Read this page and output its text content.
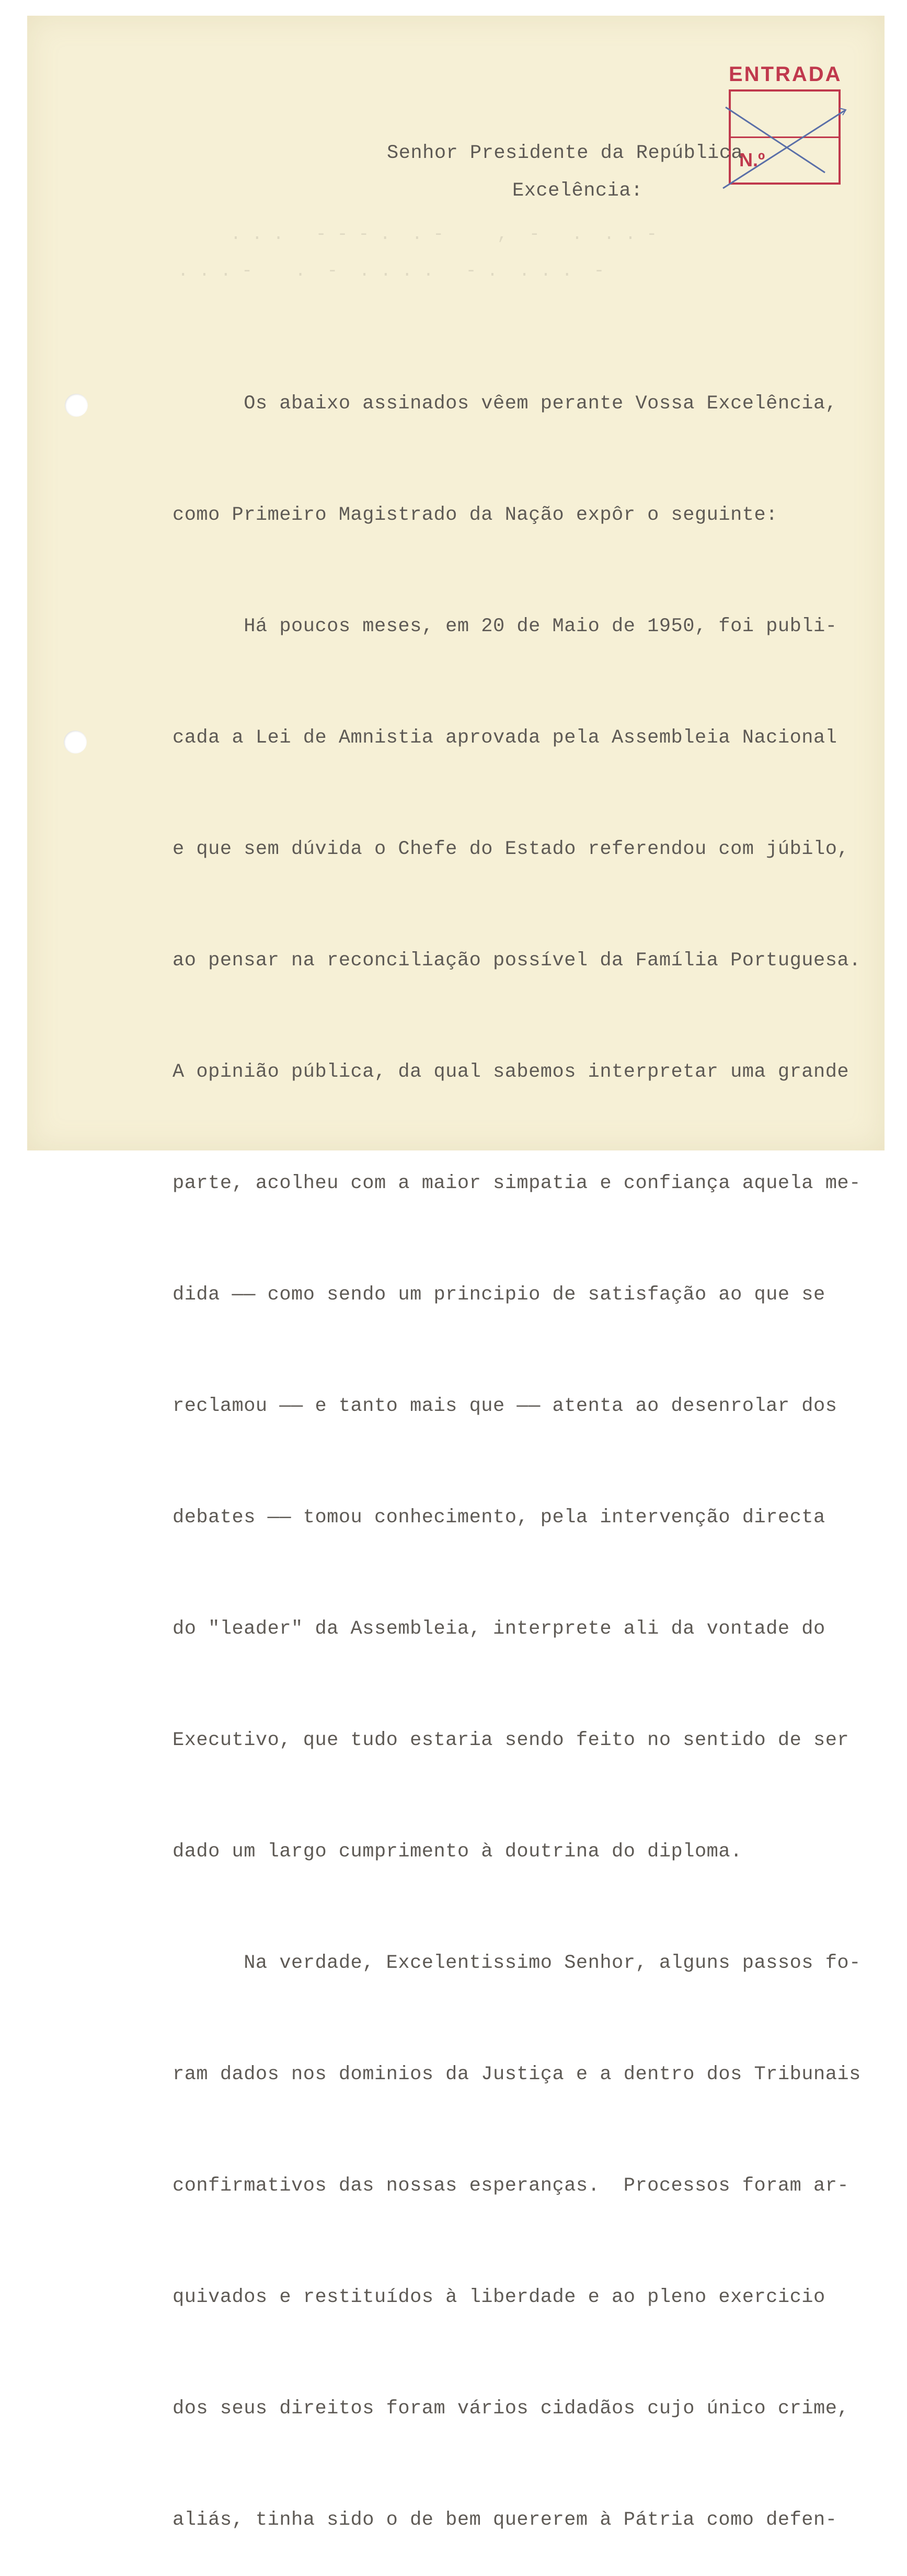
. . .   ‑ - - .  . -     ,  -   .  . . -
. . . -    .  -  . . . .   - .  . . .  -
ENTRADA
N.º
Senhor Presidente da República
Excelência:

Os abaixo assinados vêem perante Vossa Excelência,

como Primeiro Magistrado da Nação expôr o seguinte:

Há poucos meses, em 20 de Maio de 1950, foi publi-

cada a Lei de Amnistia aprovada pela Assembleia Nacional

e que sem dúvida o Chefe do Estado referendou com júbilo,

ao pensar na reconciliação possível da Família Portuguesa.

A opinião pública, da qual sabemos interpretar uma grande

parte, acolheu com a maior simpatia e confiança aquela me-

dida —— como sendo um principio de satisfação ao que se

reclamou —— e tanto mais que —— atenta ao desenrolar dos

debates —— tomou conhecimento, pela intervenção directa

do "leader" da Assembleia, interprete ali da vontade do

Executivo, que tudo estaria sendo feito no sentido de ser

dado um largo cumprimento à doutrina do diploma.

Na verdade, Excelentissimo Senhor, alguns passos fo-

ram dados nos dominios da Justiça e a dentro dos Tribunais

confirmativos das nossas esperanças.  Processos foram ar-

quivados e restituídos à liberdade e ao pleno exercicio

dos seus direitos foram vários cidadãos cujo único crime,

aliás, tinha sido o de bem quererem à Pátria como defen-
